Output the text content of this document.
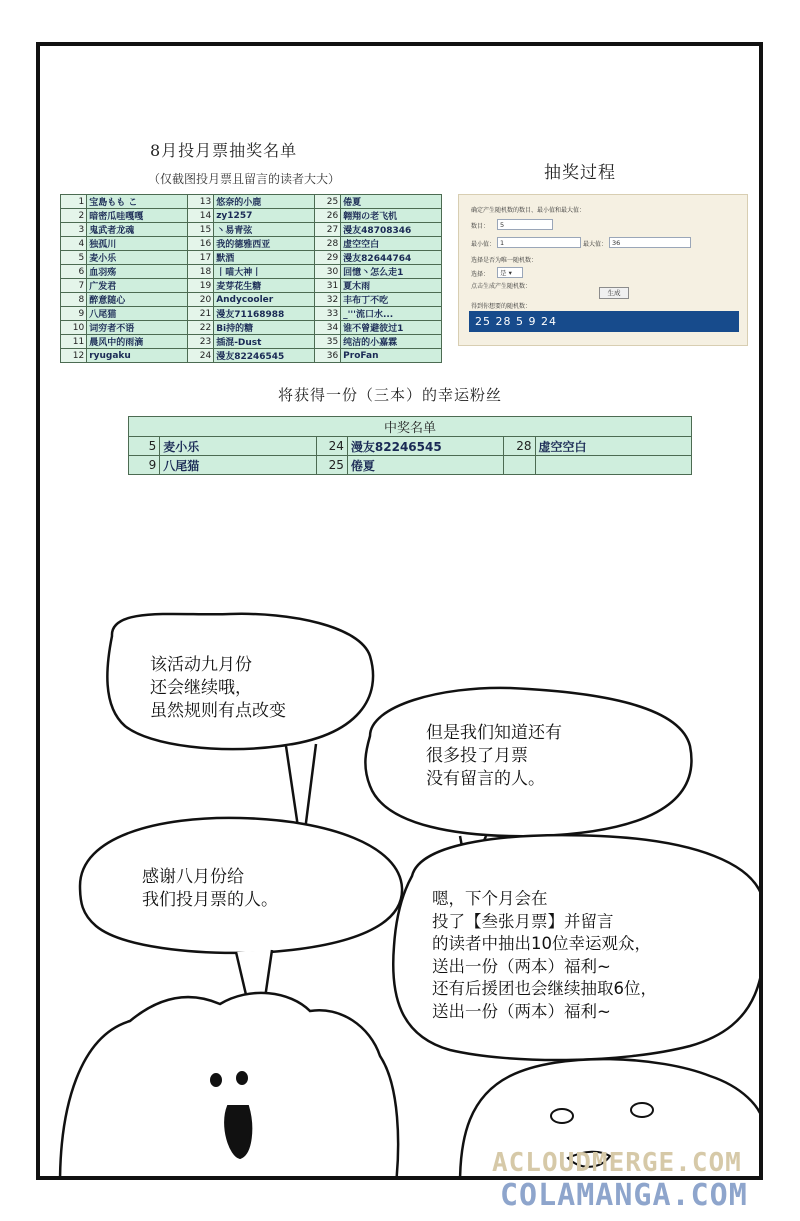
8月投月票抽奖名单
（仅截图投月票且留言的读者大大）	抽奖过程
1	宝島もも こ	13	悠奈的小鹿	25	倦夏
2	暗密瓜哇嘎嘎	14	zy1257	26	翱翔の老飞机
3	鬼武者龙魂	15	丶易青弦	27	漫友48708346
4	独孤川	16	我的德雅西亚	28	虚空空白
5	麦小乐	17	默酒	29	漫友82644764
6	血羽殇	18	丨喵大神丨	30	回憶丶怎么走1
7	广发君	19	麦芽花生糖	31	夏木雨
8	醉意随心	20	Andycooler	32	丰布丁不吃
9	八尾猫	21	漫友71168988	33	_'''流口水...
10	词穷者不语	22	Bi持的糖	34	谁不曾避彼过1
11	晨风中的雨滴	23	插混-Dust	35	纯洁的小嘉霖
12	ryugaku	24	漫友82246545	36	ProFan
确定产生随机数的数目、最小值和最大值：
数目：	5
最小值： 1	最大值： 36
选择是否为唯一随机数：
选择：	是 ▾
点击生成产生随机数：
生成
得到你想要的随机数：
25 28 5 9 24
将获得一份（三本）的幸运粉丝
中奖名单					
5	麦小乐	24	漫友82246545	28	虚空空白
9	八尾猫	25	倦夏		
该活动九月份
还会继续哦，
虽然规则有点改变
但是我们知道还有
很多投了月票
没有留言的人。
感谢八月份给
我们投月票的人。	嗯，下个月会在
投了【叁张月票】并留言
的读者中抽出10位幸运观众，
送出一份（两本）福利~
还有后援团也会继续抽取6位，
送出一份（两本）福利~
ACLOUDMERGE.COM
COLAMANGA.COM
